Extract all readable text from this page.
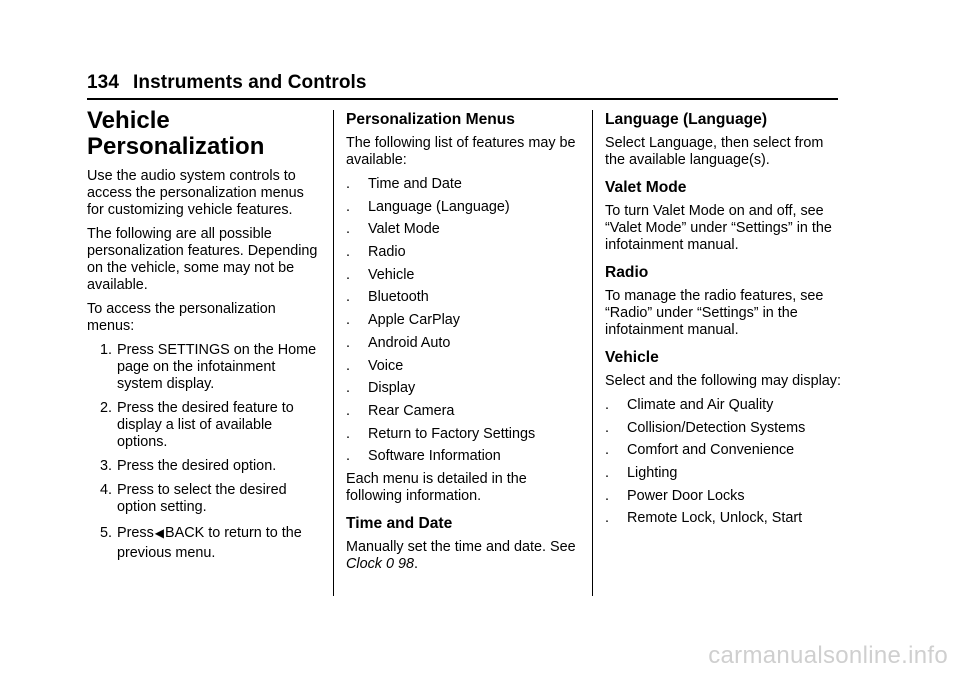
134 Instruments and Controls
Vehicle
Personalization

Use the audio system controls to access the personalization menus for customizing vehicle features.

The following are all possible personalization features. Depending on the vehicle, some may not be available.

To access the personalization menus:

1. Press SETTINGS on the Home page on the infotainment system display.
2. Press the desired feature to display a list of available options.
3. Press the desired option.
4. Press to select the desired option setting.
5. Press◀BACK to return to the previous menu.
Personalization Menus

The following list of features may be available:

. Time and Date
. Language (Language)
. Valet Mode
. Radio
. Vehicle
. Bluetooth
. Apple CarPlay
. Android Auto
. Voice
. Display
. Rear Camera
. Return to Factory Settings
. Software Information

Each menu is detailed in the following information.

Time and Date

Manually set the time and date. See Clock 0 98.

Language (Language)

Select Language, then select from the available language(s).

Valet Mode

To turn Valet Mode on and off, see “Valet Mode” under “Settings” in the infotainment manual.

Radio

To manage the radio features, see “Radio” under “Settings” in the infotainment manual.

Vehicle

Select and the following may display:

. Climate and Air Quality
. Collision/Detection Systems
. Comfort and Convenience
. Lighting
. Power Door Locks
. Remote Lock, Unlock, Start
carmanualsonline.info
